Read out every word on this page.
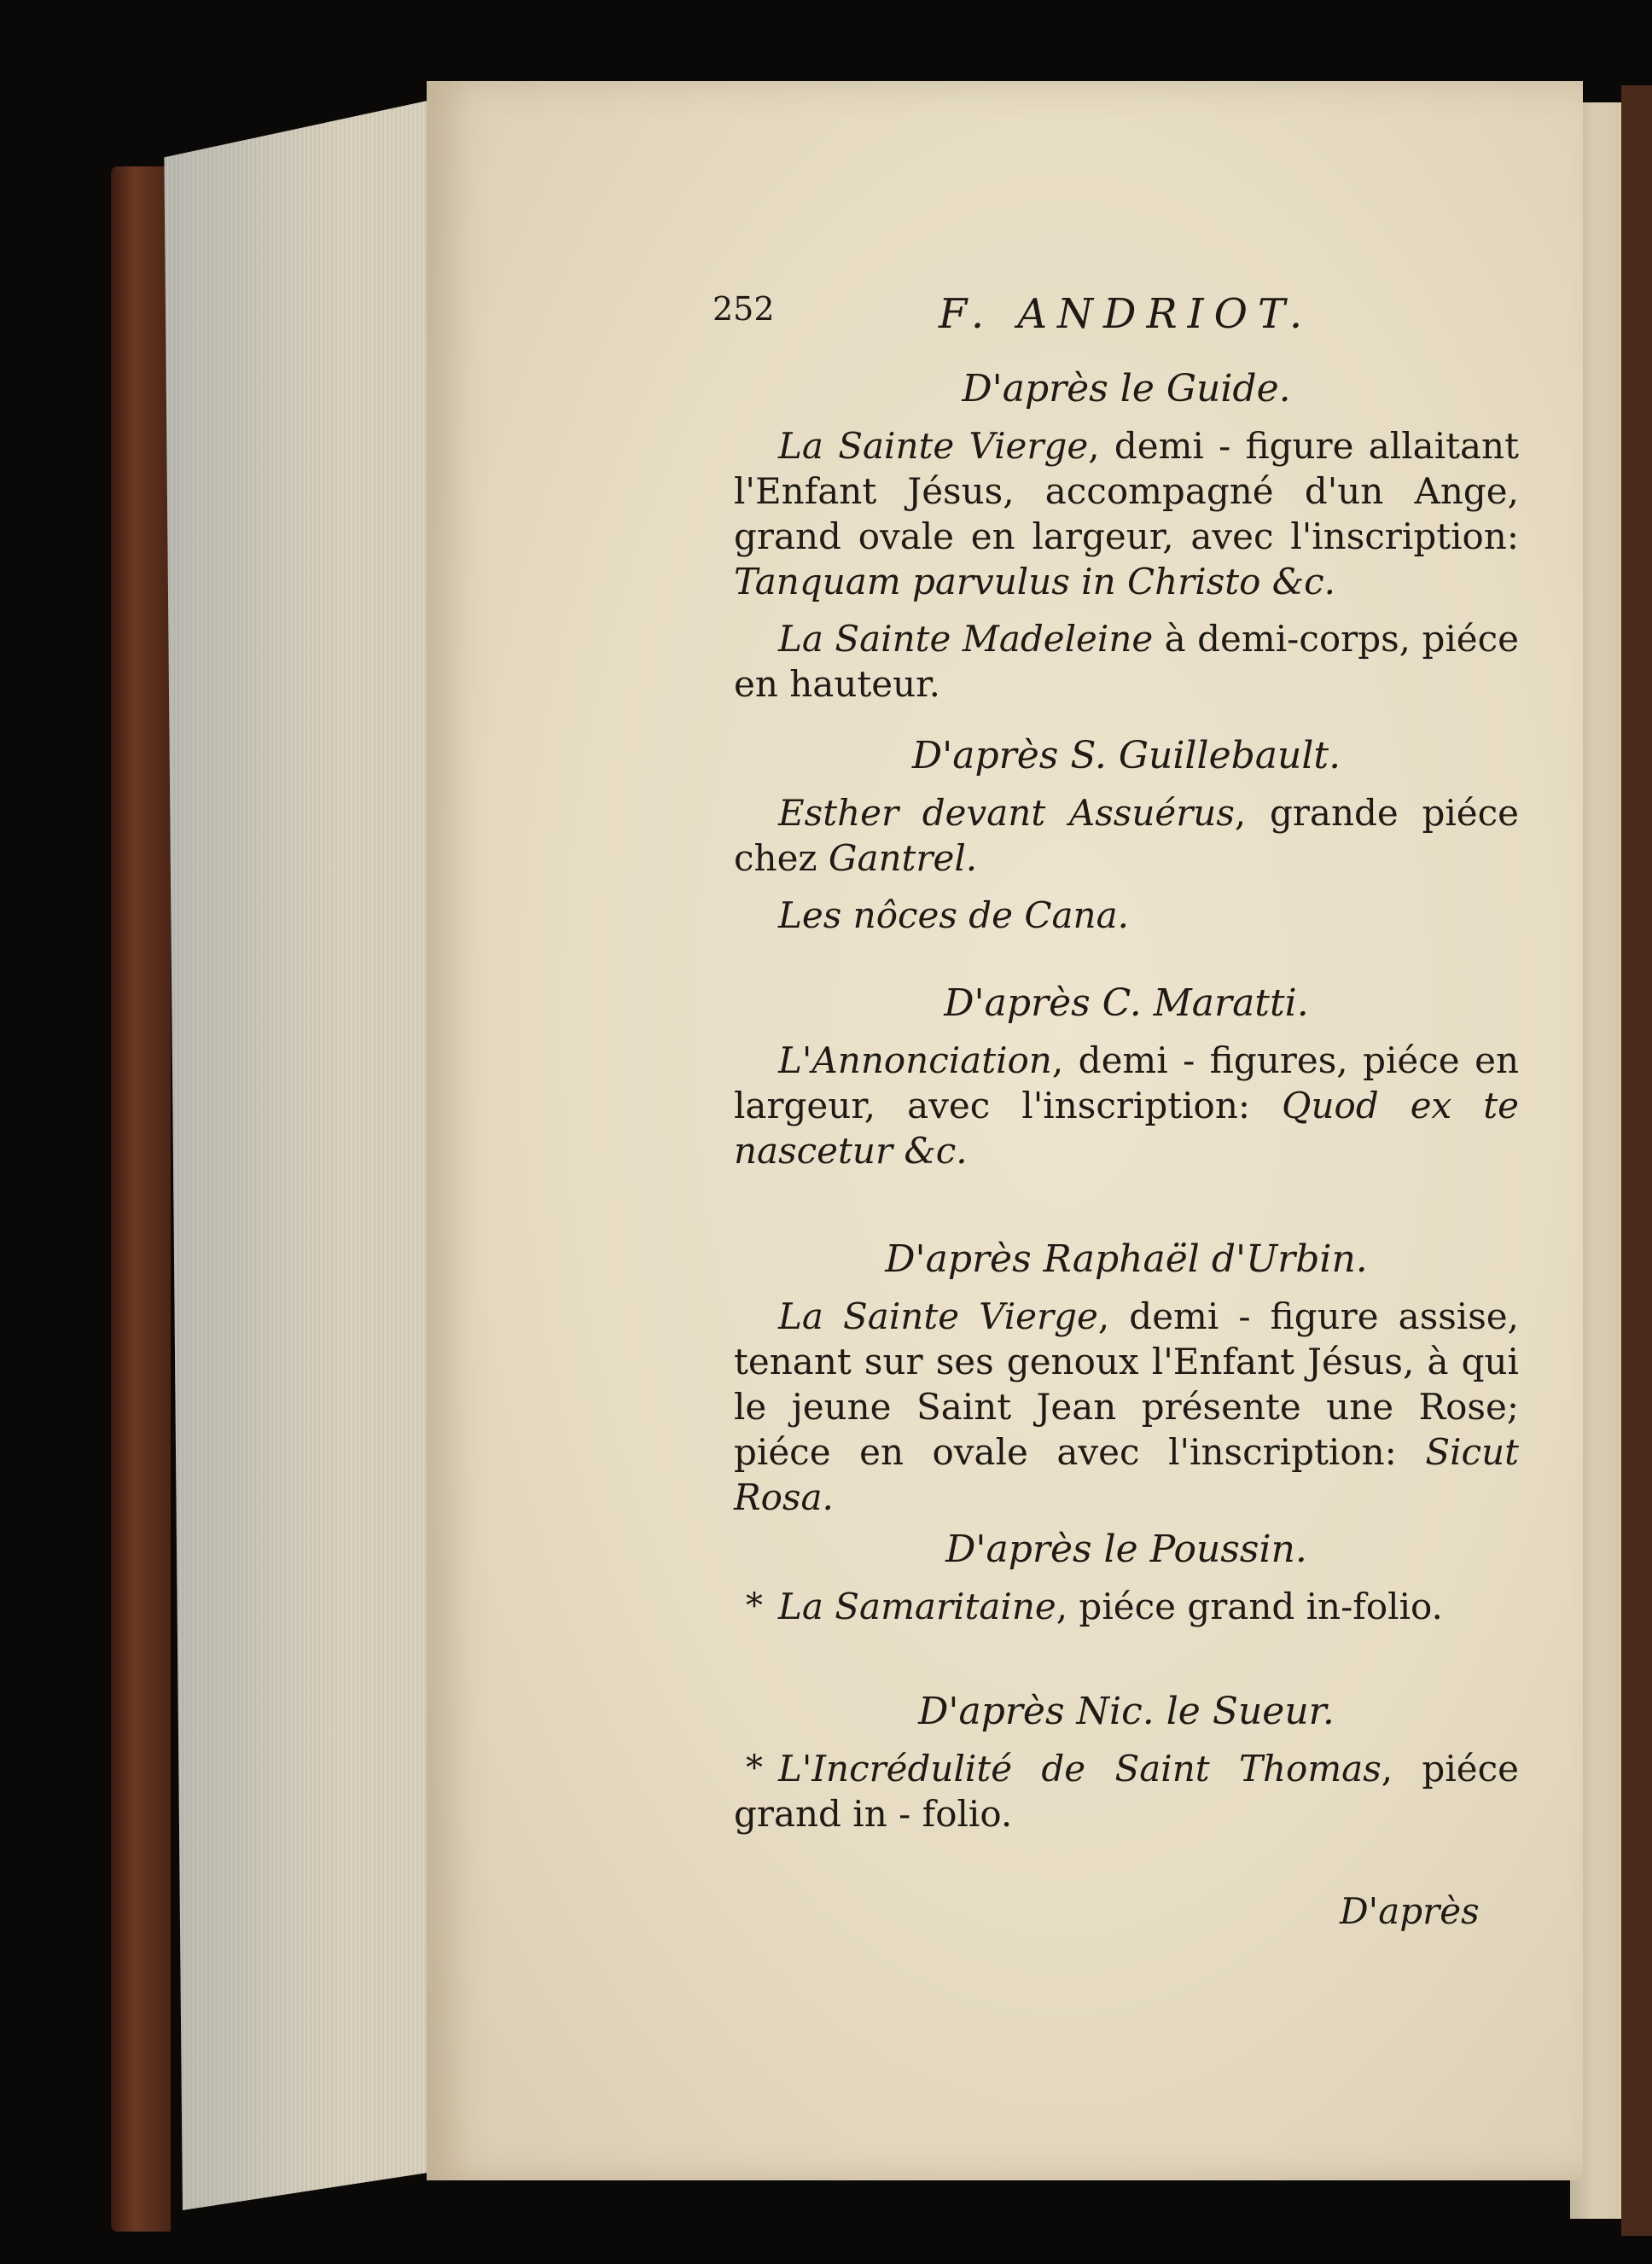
252	F. ANDRIOT.
D'après le Guide.
La Sainte Vierge, demi - figure allaitant l'Enfant Jésus, accompagné d'un Ange, grand ovale en largeur, avec l'inscription: Tanquam parvulus in Christo &c.
La Sainte Madeleine à demi-corps, piéce en hauteur.
D'après S. Guillebault.
Esther devant Assuérus, grande piéce chez Gantrel.
Les nôces de Cana.
D'après C. Maratti.
L'Annonciation, demi - figures, piéce en largeur, avec l'inscription: Quod ex te nascetur &c.
D'après Raphaël d'Urbin.
La Sainte Vierge, demi - figure assise, tenant sur ses genoux l'Enfant Jésus, à qui le jeune Saint Jean présente une Rose; piéce en ovale avec l'inscription: Sicut Rosa.
D'après le Poussin.
* La Samaritaine, piéce grand in-folio.
D'après Nic. le Sueur.
* L'Incrédulité de Saint Thomas, piéce grand in - folio.
D'après
